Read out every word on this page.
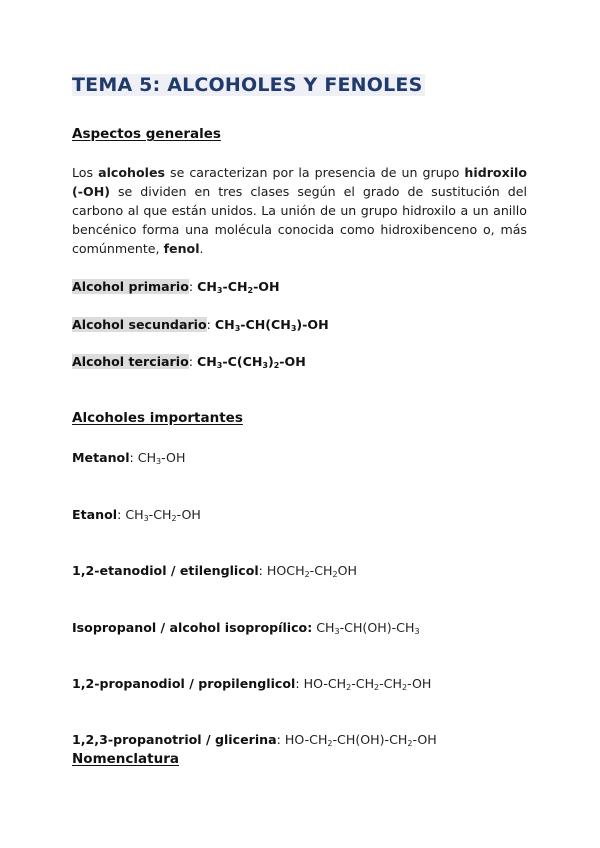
TEMA 5: ALCOHOLES Y FENOLES
Aspectos generales
Los alcoholes se caracterizan por la presencia de un grupo hidroxilo (-OH) se dividen en tres clases según el grado de sustitución del carbono al que están unidos. La unión de un grupo hidroxilo a un anillo bencénico forma una molécula conocida como hidroxibenceno o, más comúnmente, fenol.
Alcohol primario: $CH_3-CH_2-OH$
Alcohol secundario: $CH_3-CH(CH_3)-OH$
Alcohol terciario: $CH_3-C(CH_3)_2-OH$
Alcoholes importantes
Metanol: $CH_3-OH$
Etanol: $CH_3-CH_2-OH$
1,2-etanodiol / etilenglicol: $HOCH_2-CH_2OH$
Isopropanol / alcohol isopropílico: $CH_3-CH(OH)-CH_3$
1,2-propanodiol / propilenglicol: $HO-CH_2-CH_2-CH_2-OH$
1,2,3-propanotriol / glicerina: $HO-CH_2-CH(OH)-CH_2-OH$
Nomenclatura
